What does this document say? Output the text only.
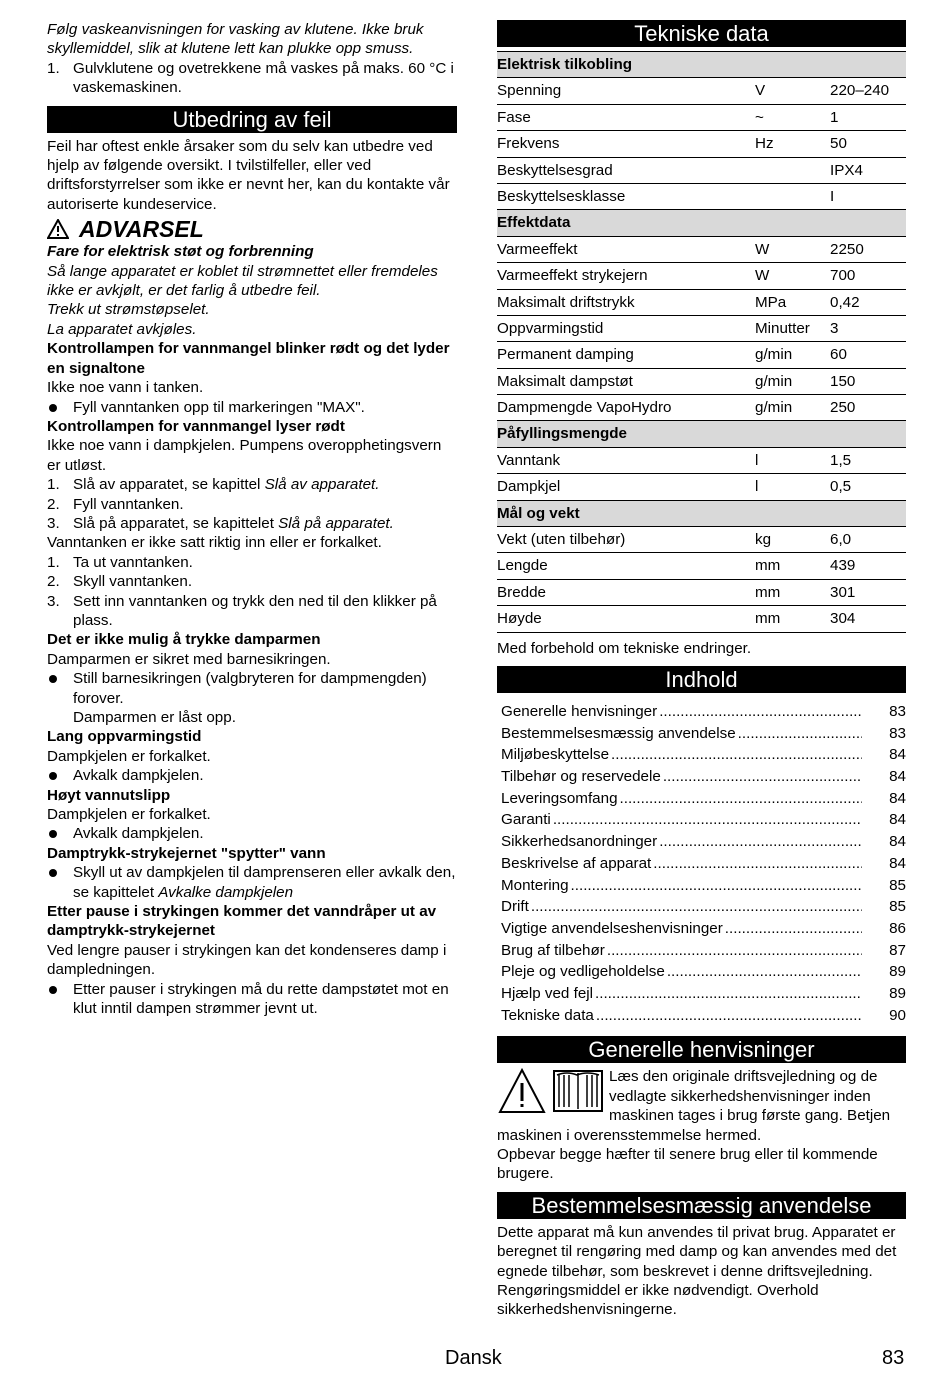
Følg vaskeanvisningen for vasking av klutene. Ikke bruk skyllemiddel, slik at klutene lett kan plukke opp smuss.

1. Gulvklutene og ovetrekkene må vaskes på maks. 60 °C i vaskemaskinen.
Utbedring av feil

Feil har oftest enkle årsaker som du selv kan utbedre ved hjelp av følgende oversikt. I tvilstilfeller, eller ved driftsforstyrrelser som ikke er nevnt her, kan du kontakte vår autoriserte kundeservice.

ADVARSEL

Fare for elektrisk støt og forbrenning

Så lange apparatet er koblet til strømnettet eller fremdeles ikke er avkjølt, er det farlig å utbedre feil.

Trekk ut strømstøpselet.

La apparatet avkjøles.

Kontrollampen for vannmangel blinker rødt og det lyder en signaltone

Ikke noe vann i tanken.

Fyll vanntanken opp til markeringen "MAX".

Kontrollampen for vannmangel lyser rødt

Ikke noe vann i dampkjelen. Pumpens overopphetingsvern er utløst.

1. Slå av apparatet, se kapittel Slå av apparatet.
2. Fyll vanntanken.
3. Slå på apparatet, se kapittelet Slå på apparatet.

Vanntanken er ikke satt riktig inn eller er forkalket.

1. Ta ut vanntanken.
2. Skyll vanntanken.
3. Sett inn vanntanken og trykk den ned til den klikker på plass.

Det er ikke mulig å trykke damparmen

Damparmen er sikret med barnesikringen.

Still barnesikringen (valgbryteren for dampmengden) forover.

Damparmen er låst opp.

Lang oppvarmingstid

Dampkjelen er forkalket.

Avkalk dampkjelen.

Høyt vannutslipp

Dampkjelen er forkalket.

Avkalk dampkjelen.

Damptrykk-strykejernet "spytter" vann

Skyll ut av dampkjelen til damprenseren eller avkalk den, se kapittelet Avkalke dampkjelen

Etter pause i strykingen kommer det vanndråper ut av damptrykk-strykejernet

Ved lengre pauser i strykingen kan det kondenseres damp i dampledningen.

Etter pauser i strykingen må du rette dampstøtet mot en klut inntil dampen strømmer jevnt ut.
Tekniske data
Elektrisk tilkobling		
Spenning	V	220–240
Fase	~	1
Frekvens	Hz	50
Beskyttelsesgrad		IPX4
Beskyttelsesklasse		I
Effektdata		
Varmeeffekt	W	2250
Varmeeffekt strykejern	W	700
Maksimalt driftstrykk	MPa	0,42
Oppvarmingstid	Minutter	3
Permanent damping	g/min	60
Maksimalt dampstøt	g/min	150
Dampmengde VapoHydro	g/min	250
Påfyllingsmengde		
Vanntank	l	1,5
Dampkjel	l	0,5
Mål og vekt		
Vekt (uten tilbehør)	kg	6,0
Lengde	mm	439
Bredde	mm	301
Høyde	mm	304

Med forbehold om tekniske endringer.

Indhold
Generelle henvisninger .....	83
Bestemmelsesmæssig anvendelse .....	83
Miljøbeskyttelse .....	84
Tilbehør og reservedele .....	84
Leveringsomfang .....	84
Garanti .....	84
Sikkerhedsanordninger .....	84
Beskrivelse af apparat .....	84
Montering .....	85
Drift .....	85
Vigtige anvendelseshenvisninger .....	86
Brug af tilbehør .....	87
Pleje og vedligeholdelse .....	89
Hjælp ved fejl .....	89
Tekniske data .....	90
Generelle henvisninger

Læs den originale driftsvejledning og de vedlagte sikkerhedshenvisninger inden maskinen tages i brug første gang. Betjen maskinen i overensstemmelse hermed.

Opbevar begge hæfter til senere brug eller til kommende brugere.

Bestemmelsesmæssig anvendelse

Dette apparat må kun anvendes til privat brug. Apparatet er beregnet til rengøring med damp og kan anvendes med det egnede tilbehør, som beskrevet i denne driftsvejledning. Rengøringsmiddel er ikke nødvendigt. Overhold sikkerhedshenvisningerne.

Dansk	83
